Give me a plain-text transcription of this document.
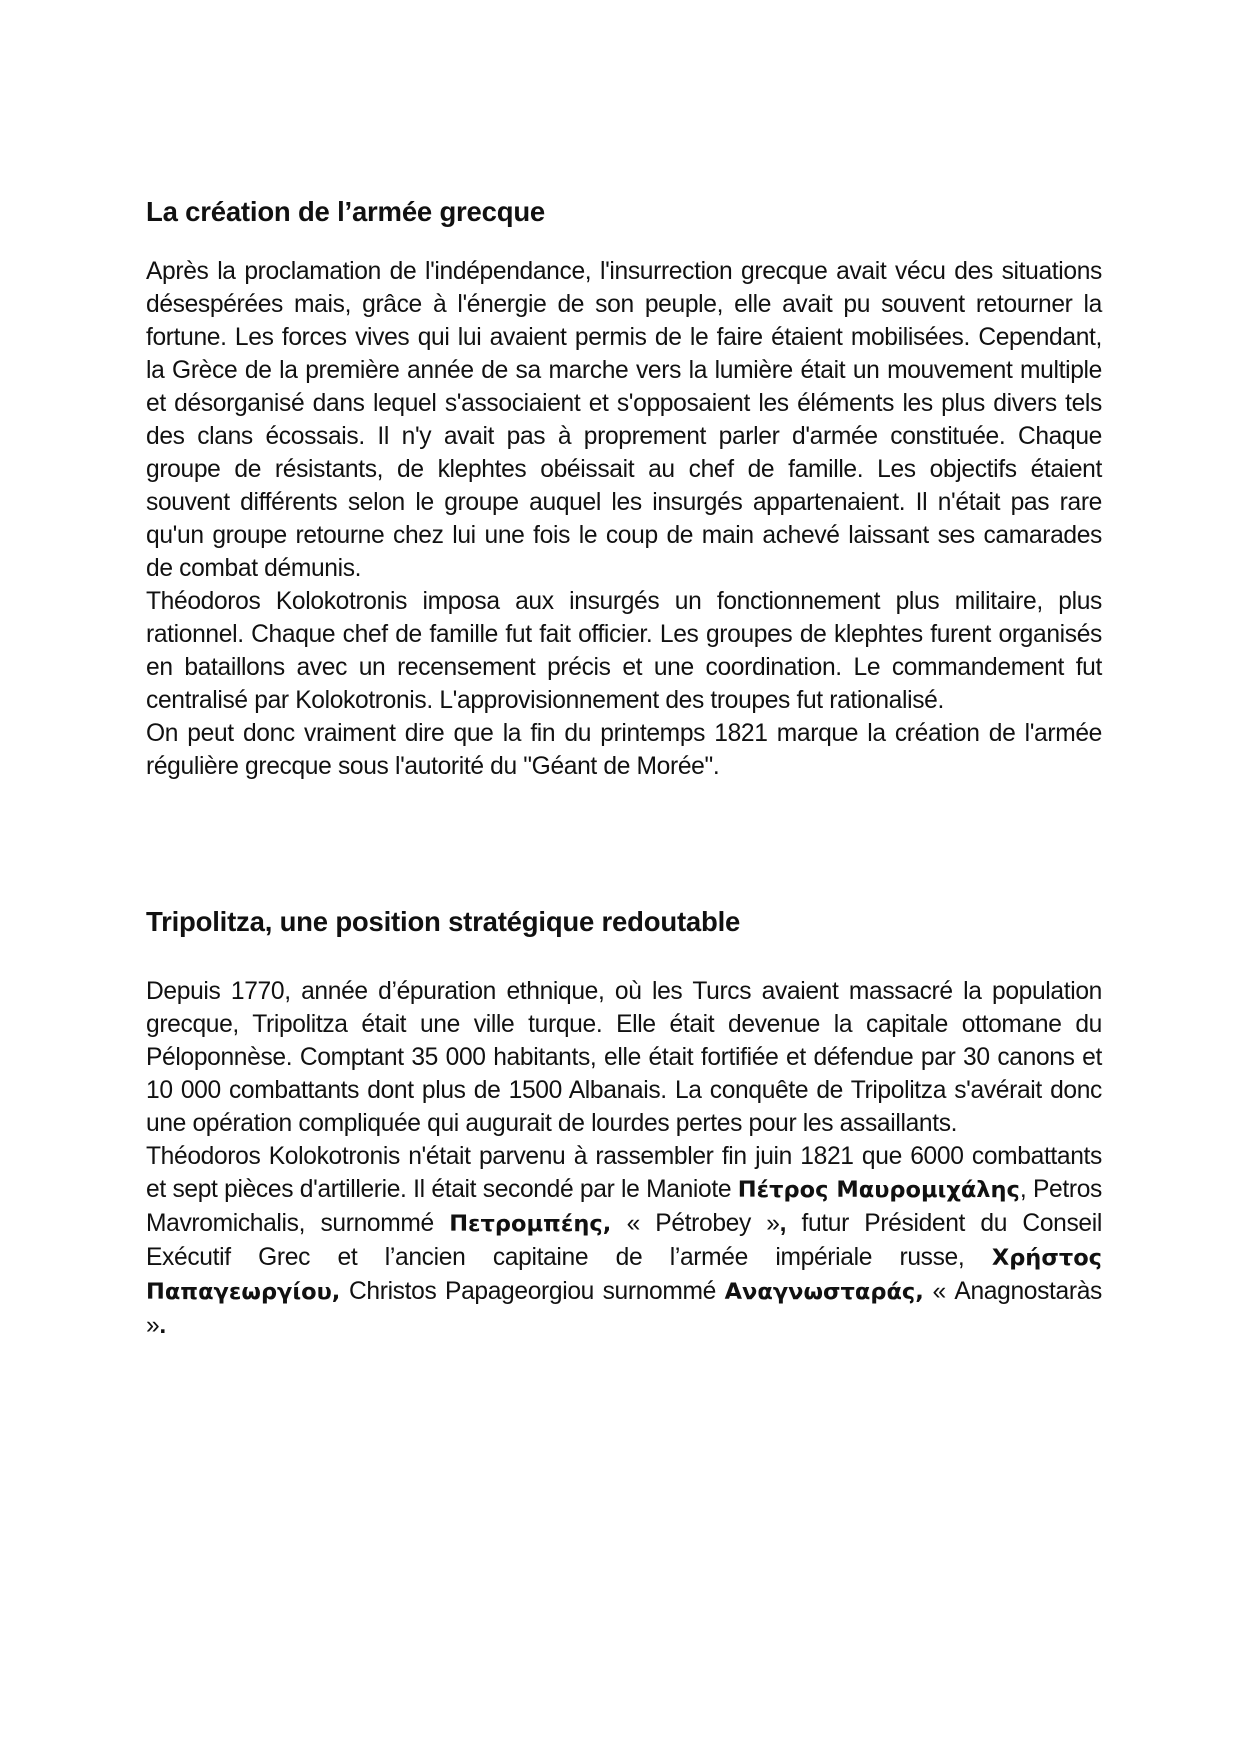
La création de l’armée grecque

Après la proclamation de l'indépendance, l'insurrection grecque avait vécu des situations désespérées mais, grâce à l'énergie de son peuple, elle avait pu souvent retourner la fortune. Les forces vives qui lui avaient permis de le faire étaient mobilisées. Cependant, la Grèce de la première année de sa marche vers la lumière était un mouvement multiple et désorganisé dans lequel s'associaient et s'opposaient les éléments les plus divers tels des clans écossais. Il n'y avait pas à proprement parler d'armée constituée. Chaque groupe de résistants, de klephtes obéissait au chef de famille. Les objectifs étaient souvent différents selon le groupe auquel les insurgés appartenaient. Il n'était pas rare qu'un groupe retourne chez lui une fois le coup de main achevé laissant ses camarades de combat démunis.

Théodoros Kolokotronis imposa aux insurgés un fonctionnement plus militaire, plus rationnel. Chaque chef de famille fut fait officier. Les groupes de klephtes furent organisés en bataillons avec un recensement précis et une coordination. Le commandement fut centralisé par Kolokotronis. L'approvisionnement des troupes fut rationalisé.

On peut donc vraiment dire que la fin du printemps 1821 marque la création de l'armée régulière grecque sous l'autorité du "Géant de Morée".

Tripolitza, une position stratégique redoutable

Depuis 1770, année d’épuration ethnique, où les Turcs avaient massacré la population grecque, Tripolitza était une ville turque. Elle était devenue la capitale ottomane du Péloponnèse. Comptant 35 000 habitants, elle était fortifiée et défendue par 30 canons et 10 000 combattants dont plus de 1500 Albanais. La conquête de Tripolitza s'avérait donc une opération compliquée qui augurait de lourdes pertes pour les assaillants.

Théodoros Kolokotronis n'était parvenu à rassembler fin juin 1821 que 6000 combattants et sept pièces d'artillerie. Il était secondé par le Maniote Πέτρος Μαυρομιχάλης, Petros Mavromichalis, surnommé Πετρομπέης, « Pétrobey », futur Président du Conseil Exécutif Grec et l’ancien capitaine de l’armée impériale russe, Χρήστος Παπαγεωργίου, Christos Papageorgiou surnommé Αναγνωσταράς, « Anagnostaràs ».
